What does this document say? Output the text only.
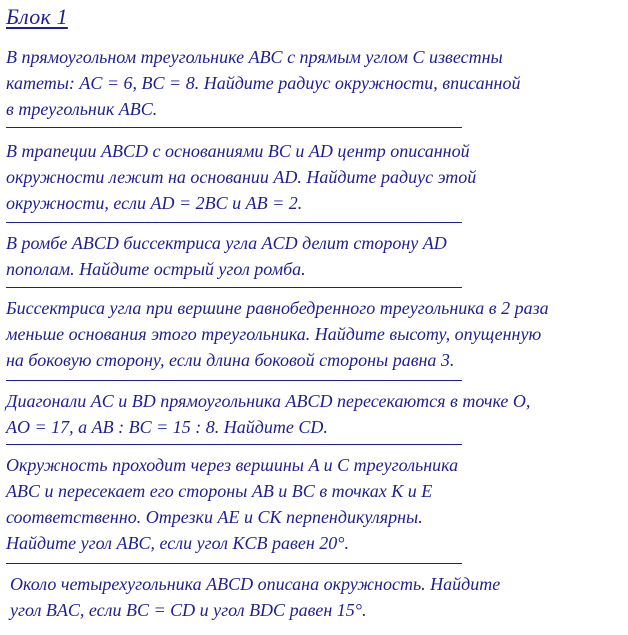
Блок 1
В прямоугольном треугольнике ABC с прямым углом C известны
катеты: AC = 6, BC = 8. Найдите радиус окружности, вписанной
в треугольник ABC.
В трапеции ABCD с основаниями BC и AD центр описанной
окружности лежит на основании AD. Найдите радиус этой
окружности, если AD = 2BC и AB = 2.
В ромбе ABCD биссектриса угла ACD делит сторону AD
пополам. Найдите острый угол ромба.
Биссектриса угла при вершине равнобедренного треугольника в 2 раза
меньше основания этого треугольника. Найдите высоту, опущенную
на боковую сторону, если длина боковой стороны равна 3.
Диагонали AC и BD прямоугольника ABCD пересекаются в точке O,
AO = 17, а AB : BC = 15 : 8. Найдите CD.
Окружность проходит через вершины A и C треугольника
ABC и пересекает его стороны AB и BC в точках K и E
соответственно. Отрезки AE и CK перпендикулярны.
Найдите угол ABC, если угол KCB равен 20°.
Около четырехугольника ABCD описана окружность. Найдите
угол BAC, если BC = CD и угол BDC равен 15°.
